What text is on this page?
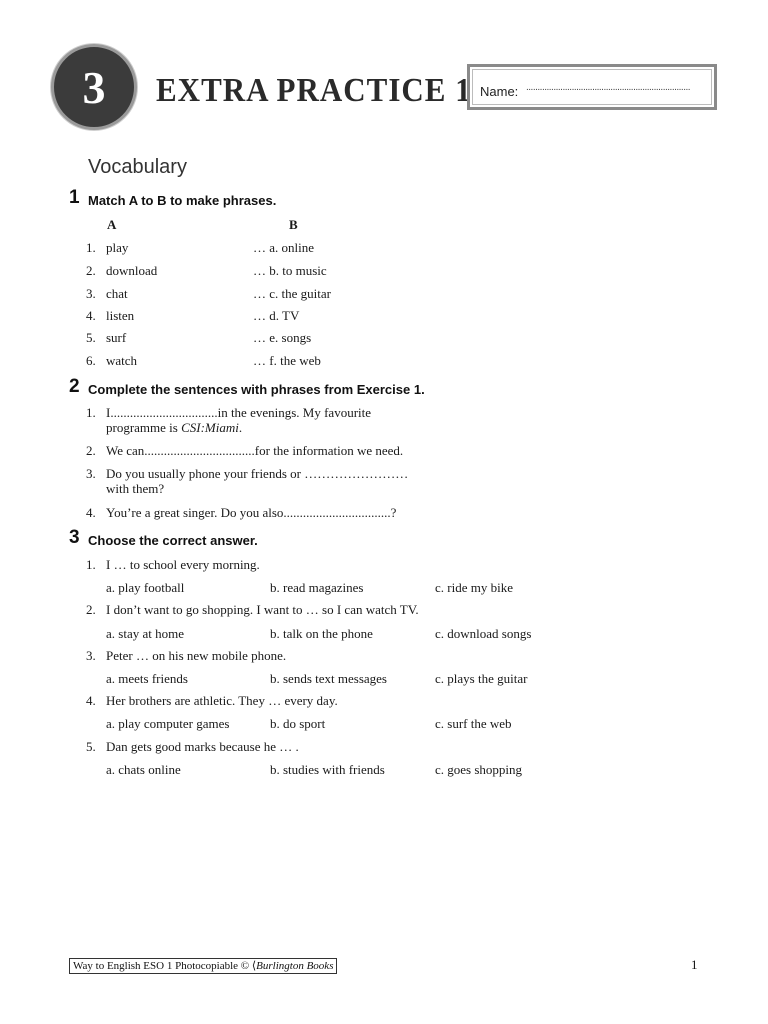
3	EXTRA PRACTICE 1 Name: ........................................................................
Vocabulary
1 Match A to B to make phrases.
A	B
1. play	… a. online
2. download	… b. to music
3. chat	… c. the guitar
4. listen	… d. TV
5. surf	… e. songs
6. watch	… f. the web
2 Complete the sentences with phrases from Exercise 1.
1. I.................................in the evenings. My favourite
programme is CSI:Miami.
2. We can..................................for the information we need.
3. Do you usually phone your friends or ……………………
with them?
4. You’re a great singer. Do you also.................................?
3 Choose the correct answer.
1. I … to school every morning.
a. play football	b. read magazines	c. ride my bike
2. I don’t want to go shopping. I want to … so I can watch TV.
a. stay at home	b. talk on the phone	c. download songs
3. Peter … on his new mobile phone.
a. meets friends	b. sends text messages	c. plays the guitar
4. Her brothers are athletic. They … every day.
a. play computer games	b. do sport	c. surf the web
5. Dan gets good marks because he … .
a. chats online	b. studies with friends	c. goes shopping
Way to English ESO 1 Photocopiable © ⟨Burlington Books	1
